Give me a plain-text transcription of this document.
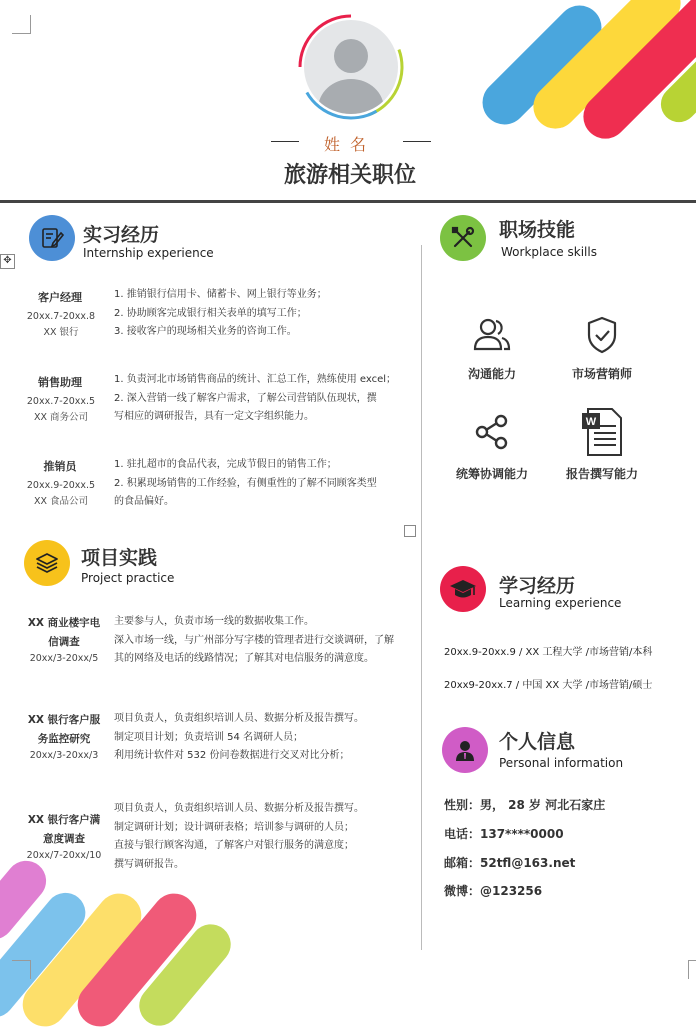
姓名
旅游相关职位
✥
实习经历
Internship experience
客户经理
20xx.7-20xx.8
XX 银行
1. 推销银行信用卡、储蓄卡、网上银行等业务；
2. 协助顾客完成银行相关表单的填写工作；
3. 接收客户的现场相关业务的咨询工作。
销售助理
20xx.7-20xx.5
XX 商务公司
1. 负责河北市场销售商品的统计、汇总工作，熟练使用 excel；
2. 深入营销一线了解客户需求，了解公司营销队伍现状，撰
写相应的调研报告，具有一定文字组织能力。
推销员
20xx.9-20xx.5
XX 食品公司
1. 驻扎超市的食品代表，完成节假日的销售工作；
2. 积累现场销售的工作经验，有侧重性的了解不同顾客类型
的食品偏好。
项目实践
Project practice
XX 商业楼宇电
信调查
20xx/3-20xx/5
主要参与人，负责市场一线的数据收集工作。
深入市场一线，与广州部分写字楼的管理者进行交谈调研，了解
其的网络及电话的线路情况；了解其对电信服务的满意度。
XX 银行客户服
务监控研究
20xx/3-20xx/3
项目负责人，负责组织培训人员、数据分析及报告撰写。
制定项目计划；负责培训 54 名调研人员；
利用统计软件对 532 份问卷数据进行交叉对比分析；
XX 银行客户满
意度调查
20xx/7-20xx/10
项目负责人，负责组织培训人员、数据分析及报告撰写。
制定调研计划；设计调研表格；培训参与调研的人员；
直接与银行顾客沟通，了解客户对银行服务的满意度；
撰写调研报告。
职场技能
Workplace skills
沟通能力	市场营销师
统筹协调能力
W
报告撰写能力
学习经历
Learning experience
20xx.9-20xx.9 / XX 工程大学 /市场营销/本科
20xx9-20xx.7 / 中国 XX 大学 /市场营销/硕士
个人信息
Personal information
性别：男， 28 岁 河北石家庄
电话：137****0000
邮箱：52tfl@163.net
微博：@123256
